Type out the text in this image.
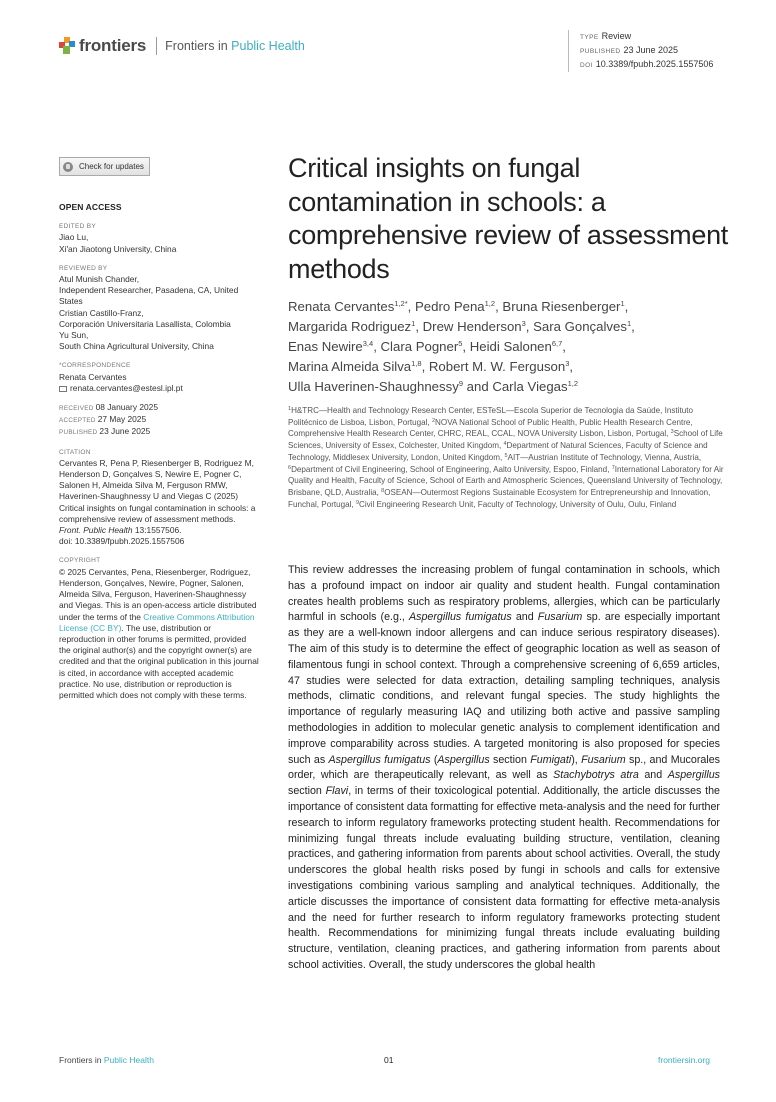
frontiers Frontiers in Public Health
TYPE Review
PUBLISHED 23 June 2025
DOI 10.3389/fpubh.2025.1557506
Check for updates
OPEN ACCESS
EDITED BY
Jiao Lu,
Xi'an Jiaotong University, China
REVIEWED BY
Atul Munish Chander,
Independent Researcher, Pasadena, CA, United States
Cristian Castillo-Franz,
Corporación Universitaria Lasallista, Colombia
Yu Sun,
South China Agricultural University, China
*CORRESPONDENCE
Renata Cervantes
renata.cervantes@estesl.ipl.pt
RECEIVED 08 January 2025
ACCEPTED 27 May 2025
PUBLISHED 23 June 2025
CITATION
Cervantes R, Pena P, Riesenberger B, Rodriguez M, Henderson D, Gonçalves S, Newire E, Pogner C, Salonen H, Almeida Silva M, Ferguson RMW, Haverinen-Shaughnessy U and Viegas C (2025) Critical insights on fungal contamination in schools: a comprehensive review of assessment methods.
Front. Public Health 13:1557506.
doi: 10.3389/fpubh.2025.1557506
COPYRIGHT
© 2025 Cervantes, Pena, Riesenberger, Rodriguez, Henderson, Gonçalves, Newire, Pogner, Salonen, Almeida Silva, Ferguson, Haverinen-Shaughnessy and Viegas. This is an open-access article distributed under the terms of the Creative Commons Attribution License (CC BY). The use, distribution or reproduction in other forums is permitted, provided the original author(s) and the copyright owner(s) are credited and that the original publication in this journal is cited, in accordance with accepted academic practice. No use, distribution or reproduction is permitted which does not comply with these terms.
Critical insights on fungal contamination in schools: a comprehensive review of assessment methods
Renata Cervantes$^{1,2*}$, Pedro Pena$^{1,2}$, Bruna Riesenberger$^1$,
Margarida Rodriguez$^1$, Drew Henderson$^3$, Sara Gonçalves$^1$,
Enas Newire$^{3,4}$, Clara Pogner$^5$, Heidi Salonen$^{6,7}$,
Marina Almeida Silva$^{1,8}$, Robert M. W. Ferguson$^3$,
Ulla Haverinen-Shaughnessy$^9$ and Carla Viegas$^{1,2}$
$^1$H&TRC—Health and Technology Research Center, ESTeSL—Escola Superior de Tecnologia da Saúde, Instituto Politécnico de Lisboa, Lisbon, Portugal, $^2$NOVA National School of Public Health, Public Health Research Centre, Comprehensive Health Research Center, CHRC, REAL, CCAL, NOVA University Lisbon, Lisbon, Portugal, $^3$School of Life Sciences, University of Essex, Colchester, United Kingdom, $^4$Department of Natural Sciences, Faculty of Science and Technology, Middlesex University, London, United Kingdom, $^5$AIT—Austrian Institute of Technology, Vienna, Austria, $^6$Department of Civil Engineering, School of Engineering, Aalto University, Espoo, Finland, $^7$International Laboratory for Air Quality and Health, Faculty of Science, School of Earth and Atmospheric Sciences, Queensland University of Technology, Brisbane, QLD, Australia, $^8$OSEAN—Outermost Regions Sustainable Ecosystem for Entrepreneurship and Innovation, Funchal, Portugal, $^9$Civil Engineering Research Unit, Faculty of Technology, University of Oulu, Oulu, Finland
This review addresses the increasing problem of fungal contamination in schools, which has a profound impact on indoor air quality and student health. Fungal contamination creates health problems such as respiratory problems, allergies, which can be particularly harmful in schools (e.g., Aspergillus fumigatus and Fusarium sp. are especially important as they are a well-known indoor allergens and can induce serious respiratory diseases). The aim of this study is to determine the effect of geographic location as well as season of filamentous fungi in school context. Through a comprehensive screening of 6,659 articles, 47 studies were selected for data extraction, detailing sampling techniques, analysis methods, climatic conditions, and relevant fungal species. The study highlights the importance of regularly measuring IAQ and utilizing both active and passive sampling methodologies in addition to molecular genetic analysis to complement identification and improve comparability across studies. A targeted monitoring is also proposed for species such as Aspergillus fumigatus (Aspergillus section Fumigati), Fusarium sp., and Mucorales order, which are therapeutically relevant, as well as Stachybotrys atra and Aspergillus section Flavi, in terms of their toxicological potential. Additionally, the article discusses the importance of consistent data formatting for effective meta-analysis and the need for further research to inform regulatory frameworks protecting student health. Recommendations for minimizing fungal threats include evaluating building structure, ventilation, cleaning practices, and gathering information from parents about school activities. Overall, the study underscores the global health risks posed by fungi in schools and calls for extensive investigations combining various sampling and analytical techniques. Additionally, the article discusses the importance of consistent data formatting for effective meta-analysis and the need for further research to inform regulatory frameworks protecting student health. Recommendations for minimizing fungal threats include evaluating building structure, ventilation, cleaning practices, and gathering information from parents about school activities. Overall, the study underscores the global health
Frontiers in Public Health	01	frontiersin.org
